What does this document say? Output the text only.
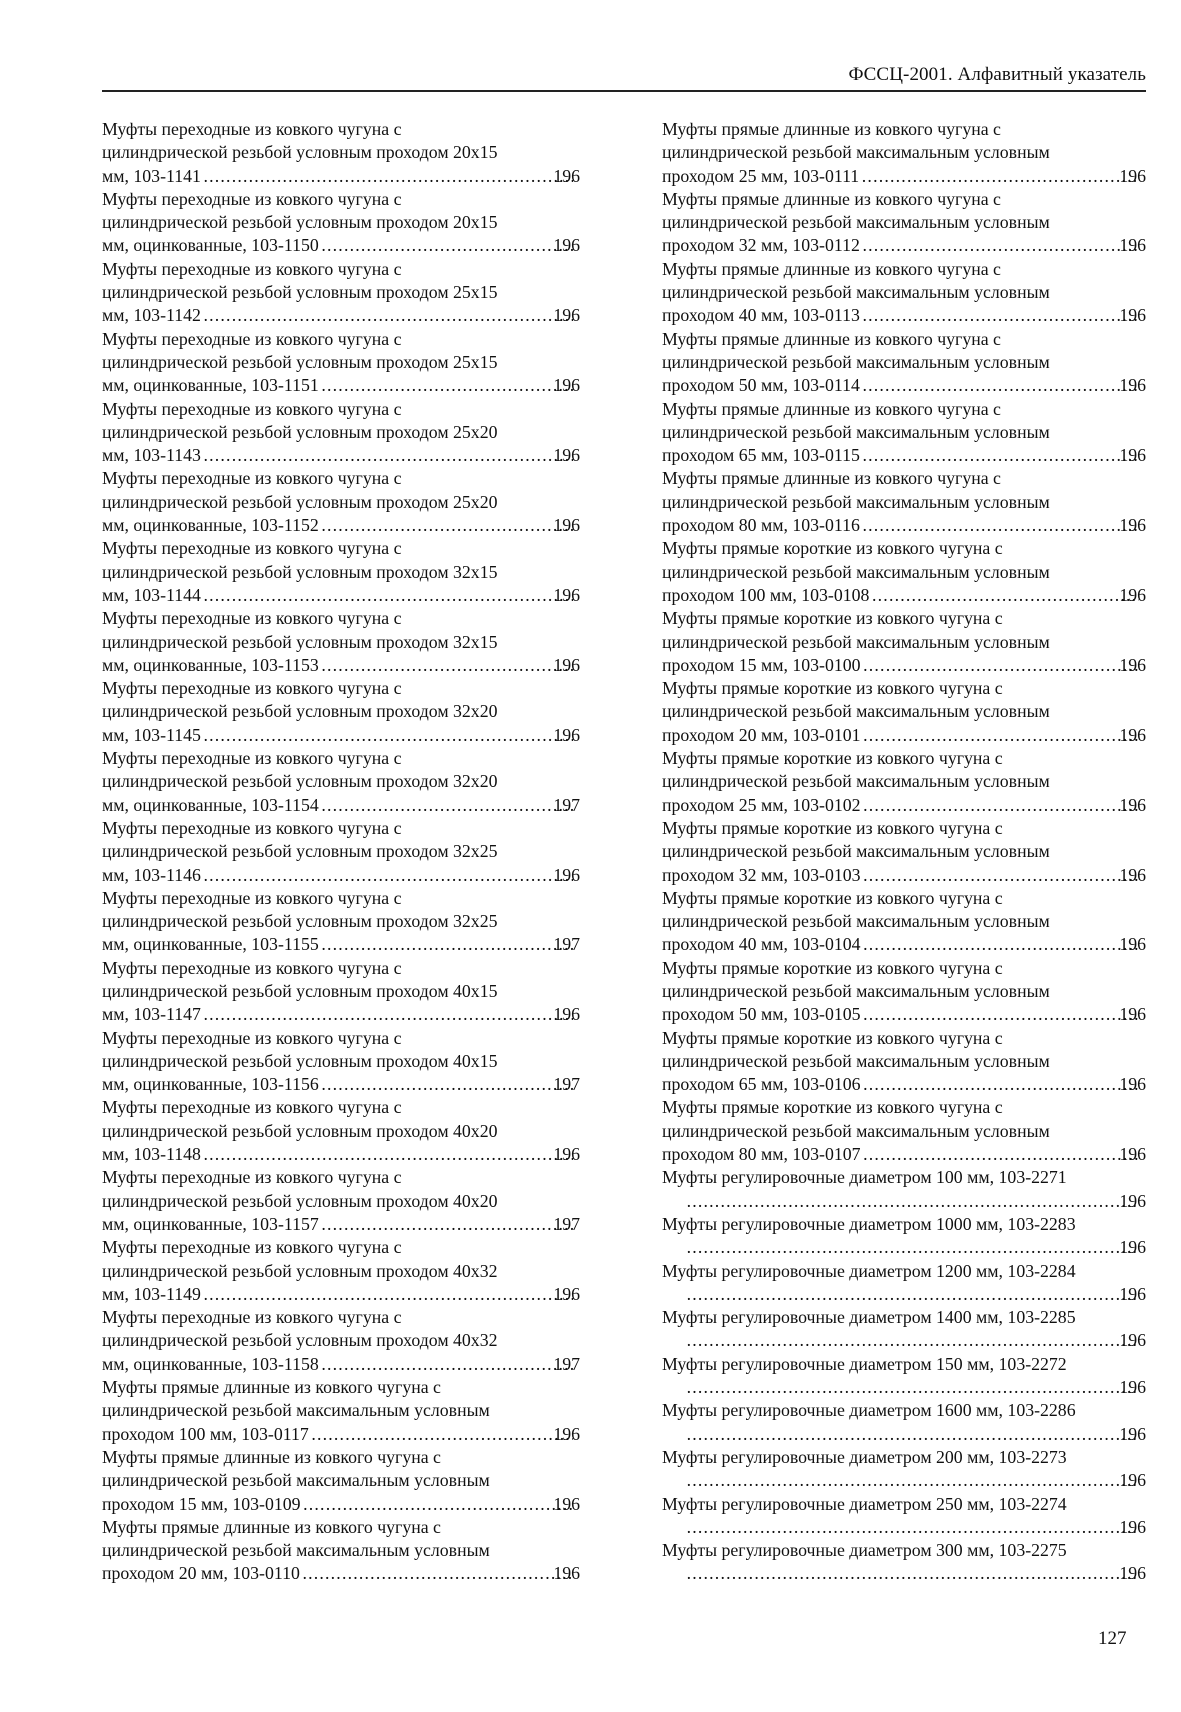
ФССЦ-2001. Алфавитный указатель
Муфты переходные из ковкого чугуна с
цилиндрической резьбой условным проходом 20х15
мм, 103-1141 .....	196
Муфты переходные из ковкого чугуна с
цилиндрической резьбой условным проходом 20х15
мм, оцинкованные, 103-1150 .....	196
Муфты переходные из ковкого чугуна с
цилиндрической резьбой условным проходом 25х15
мм, 103-1142 .....	196
Муфты переходные из ковкого чугуна с
цилиндрической резьбой условным проходом 25х15
мм, оцинкованные, 103-1151 .....	196
Муфты переходные из ковкого чугуна с
цилиндрической резьбой условным проходом 25х20
мм, 103-1143 .....	196
Муфты переходные из ковкого чугуна с
цилиндрической резьбой условным проходом 25х20
мм, оцинкованные, 103-1152 .....	196
Муфты переходные из ковкого чугуна с
цилиндрической резьбой условным проходом 32х15
мм, 103-1144 .....	196
Муфты переходные из ковкого чугуна с
цилиндрической резьбой условным проходом 32х15
мм, оцинкованные, 103-1153 .....	196
Муфты переходные из ковкого чугуна с
цилиндрической резьбой условным проходом 32х20
мм, 103-1145 .....	196
Муфты переходные из ковкого чугуна с
цилиндрической резьбой условным проходом 32х20
мм, оцинкованные, 103-1154 .....	197
Муфты переходные из ковкого чугуна с
цилиндрической резьбой условным проходом 32х25
мм, 103-1146 .....	196
Муфты переходные из ковкого чугуна с
цилиндрической резьбой условным проходом 32х25
мм, оцинкованные, 103-1155 .....	197
Муфты переходные из ковкого чугуна с
цилиндрической резьбой условным проходом 40х15
мм, 103-1147 .....	196
Муфты переходные из ковкого чугуна с
цилиндрической резьбой условным проходом 40х15
мм, оцинкованные, 103-1156 .....	197
Муфты переходные из ковкого чугуна с
цилиндрической резьбой условным проходом 40х20
мм, 103-1148 .....	196
Муфты переходные из ковкого чугуна с
цилиндрической резьбой условным проходом 40х20
мм, оцинкованные, 103-1157 .....	197
Муфты переходные из ковкого чугуна с
цилиндрической резьбой условным проходом 40х32
мм, 103-1149 .....	196
Муфты переходные из ковкого чугуна с
цилиндрической резьбой условным проходом 40х32
мм, оцинкованные, 103-1158 .....	197
Муфты прямые длинные из ковкого чугуна с
цилиндрической резьбой максимальным условным
проходом 100 мм, 103-0117 .....	196
Муфты прямые длинные из ковкого чугуна с
цилиндрической резьбой максимальным условным
проходом 15 мм, 103-0109 .....	196
Муфты прямые длинные из ковкого чугуна с
цилиндрической резьбой максимальным условным
проходом 20 мм, 103-0110 .....	196
Муфты прямые длинные из ковкого чугуна с
цилиндрической резьбой максимальным условным
проходом 25 мм, 103-0111 .....	196
Муфты прямые длинные из ковкого чугуна с
цилиндрической резьбой максимальным условным
проходом 32 мм, 103-0112 .....	196
Муфты прямые длинные из ковкого чугуна с
цилиндрической резьбой максимальным условным
проходом 40 мм, 103-0113 .....	196
Муфты прямые длинные из ковкого чугуна с
цилиндрической резьбой максимальным условным
проходом 50 мм, 103-0114 .....	196
Муфты прямые длинные из ковкого чугуна с
цилиндрической резьбой максимальным условным
проходом 65 мм, 103-0115 .....	196
Муфты прямые длинные из ковкого чугуна с
цилиндрической резьбой максимальным условным
проходом 80 мм, 103-0116 .....	196
Муфты прямые короткие из ковкого чугуна с
цилиндрической резьбой максимальным условным
проходом 100 мм, 103-0108 .....	196
Муфты прямые короткие из ковкого чугуна с
цилиндрической резьбой максимальным условным
проходом 15 мм, 103-0100 .....	196
Муфты прямые короткие из ковкого чугуна с
цилиндрической резьбой максимальным условным
проходом 20 мм, 103-0101 .....	196
Муфты прямые короткие из ковкого чугуна с
цилиндрической резьбой максимальным условным
проходом 25 мм, 103-0102 .....	196
Муфты прямые короткие из ковкого чугуна с
цилиндрической резьбой максимальным условным
проходом 32 мм, 103-0103 .....	196
Муфты прямые короткие из ковкого чугуна с
цилиндрической резьбой максимальным условным
проходом 40 мм, 103-0104 .....	196
Муфты прямые короткие из ковкого чугуна с
цилиндрической резьбой максимальным условным
проходом 50 мм, 103-0105 .....	196
Муфты прямые короткие из ковкого чугуна с
цилиндрической резьбой максимальным условным
проходом 65 мм, 103-0106 .....	196
Муфты прямые короткие из ковкого чугуна с
цилиндрической резьбой максимальным условным
проходом 80 мм, 103-0107 .....	196
Муфты регулировочные диаметром 100 мм, 103-2271
.....
196
Муфты регулировочные диаметром 1000 мм, 103-2283
.....
196
Муфты регулировочные диаметром 1200 мм, 103-2284
.....
196
Муфты регулировочные диаметром 1400 мм, 103-2285
.....
196
Муфты регулировочные диаметром 150 мм, 103-2272
.....
196
Муфты регулировочные диаметром 1600 мм, 103-2286
.....
196
Муфты регулировочные диаметром 200 мм, 103-2273
.....
196
Муфты регулировочные диаметром 250 мм, 103-2274
.....
196
Муфты регулировочные диаметром 300 мм, 103-2275
.....
196
127
